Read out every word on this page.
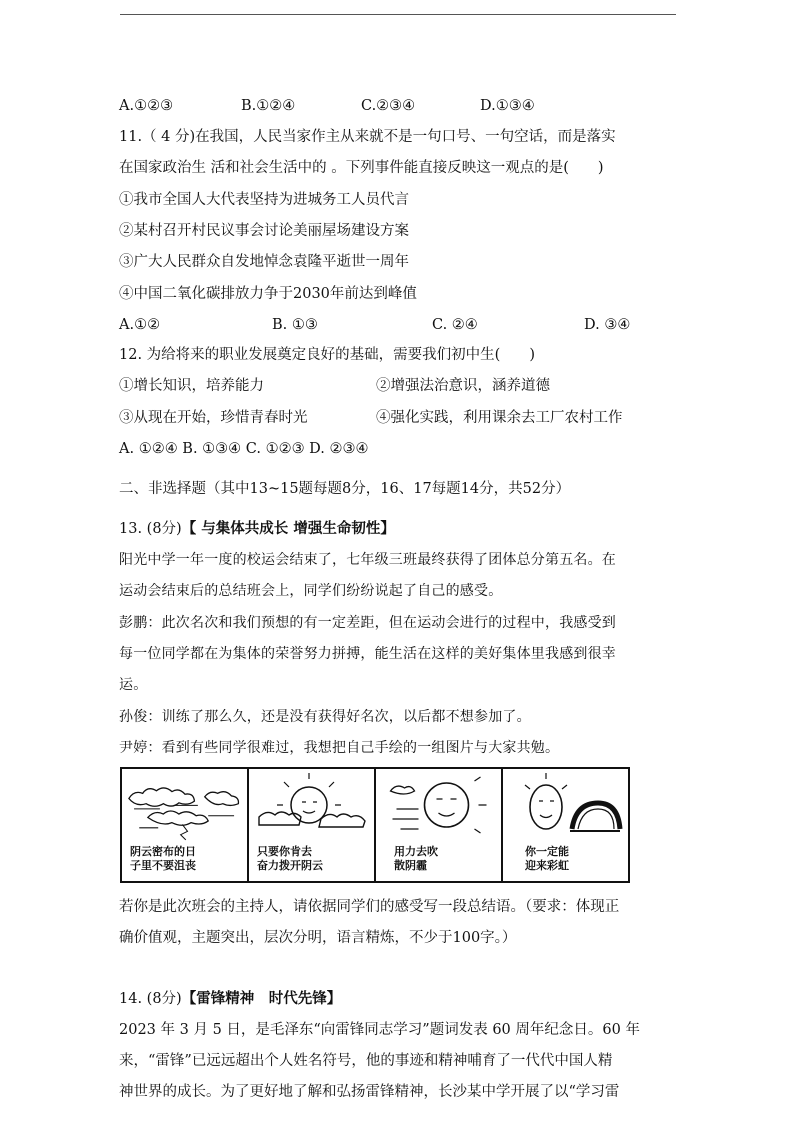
A.①②③	B.①②④	C.②③④	D.①③④
11.（ 4 分)在我国，人民当家作主从来就不是一句口号、一句空话，而是落实
在国家政治生 活和社会生活中的 。下列事件能直接反映这一观点的是(　　)
①我市全国人大代表坚持为进城务工人员代言
②某村召开村民议事会讨论美丽屋场建设方案
③广大人民群众自发地悼念袁隆平逝世一周年
④中国二氧化碳排放力争于2030年前达到峰值
A.①②	B. ①③	C. ②④	D. ③④
12. 为给将来的职业发展奠定良好的基础，需要我们初中生(　　)
①增长知识，培养能力	②增强法治意识，涵养道德
③从现在开始，珍惜青春时光	④强化实践，利用课余去工厂农村工作
A. ①②④ B. ①③④ C. ①②③ D. ②③④
二、非选择题（其中13~15题每题8分，16、17每题14分，共52分）
13. (8分)【 与集体共成长 增强生命韧性】
阳光中学一年一度的校运会结束了，七年级三班最终获得了团体总分第五名。在
运动会结束后的总结班会上，同学们纷纷说起了自己的感受。
彭鹏：此次名次和我们预想的有一定差距，但在运动会进行的过程中，我感受到
每一位同学都在为集体的荣誉努力拼搏，能生活在这样的美好集体里我感到很幸
运。
孙俊：训练了那么久，还是没有获得好名次，以后都不想参加了。
尹婷：看到有些同学很难过，我想把自己手绘的一组图片与大家共勉。
阴云密布的日
子里不要沮丧
只要你肯去
奋力拨开阴云
用力去吹
散阴霾
你一定能
迎来彩虹
若你是此次班会的主持人，请依据同学们的感受写一段总结语。（要求：体现正
确价值观，主题突出，层次分明，语言精炼，不少于100字。）
14. (8分)【雷锋精神　时代先锋】
2023 年 3 月 5 日，是毛泽东“向雷锋同志学习”题词发表 60 周年纪念日。60 年
来，“雷锋”已远远超出个人姓名符号，他的事迹和精神哺育了一代代中国人精
神世界的成长。为了更好地了解和弘扬雷锋精神，长沙某中学开展了以“学习雷
